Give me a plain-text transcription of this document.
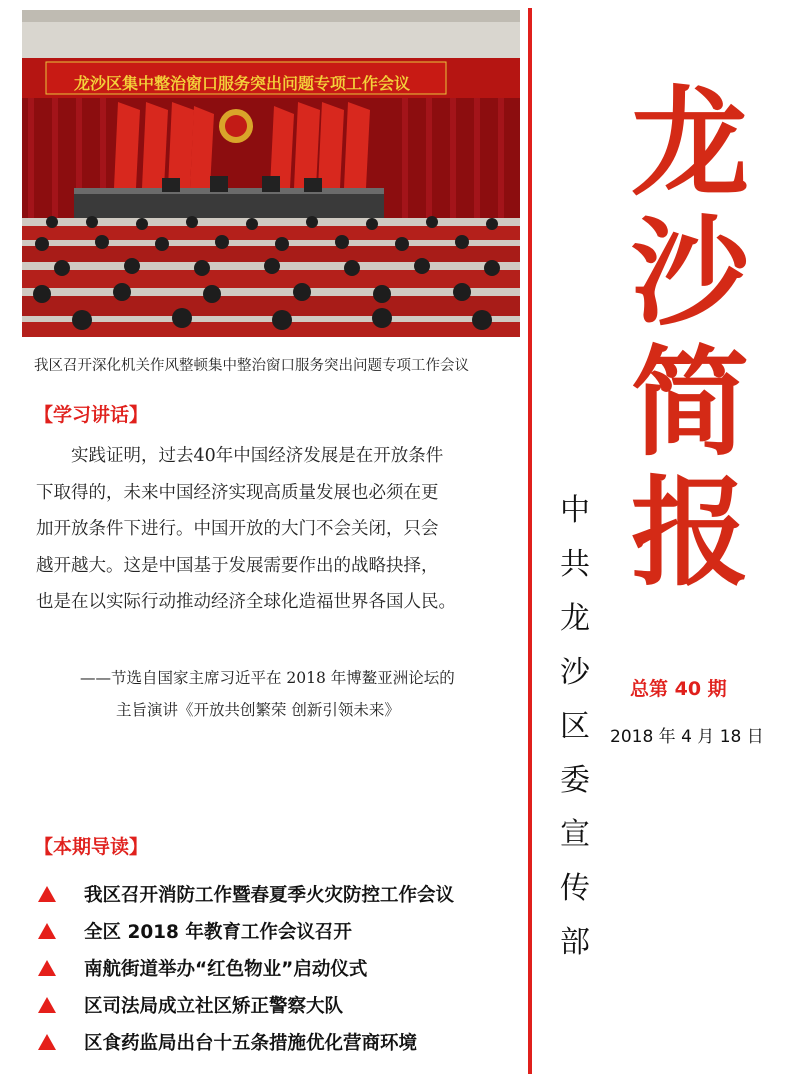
龙沙区集中整治窗口服务突出问题专项工作会议
我区召开深化机关作风整顿集中整治窗口服务突出问题专项工作会议
【学习讲话】

实践证明，过去40年中国经济发展是在开放条件

下取得的，未来中国经济实现高质量发展也必须在更

加开放条件下进行。中国开放的大门不会关闭，只会

越开越大。这是中国基于发展需要作出的战略抉择，

也是在以实际行动推动经济全球化造福世界各国人民。

——节选自国家主席习近平在 2018 年博鳌亚洲论坛的
主旨演讲《开放共创繁荣 创新引领未来》
【本期导读】
我区召开消防工作暨春夏季火灾防控工作会议
全区 2018 年教育工作会议召开
南航街道举办“红色物业”启动仪式
区司法局成立社区矫正警察大队
区食药监局出台十五条措施优化营商环境
龙
沙
简
报
中
共
龙
沙
区
委
宣
传
部
总第 40 期
2018 年 4 月 18 日
